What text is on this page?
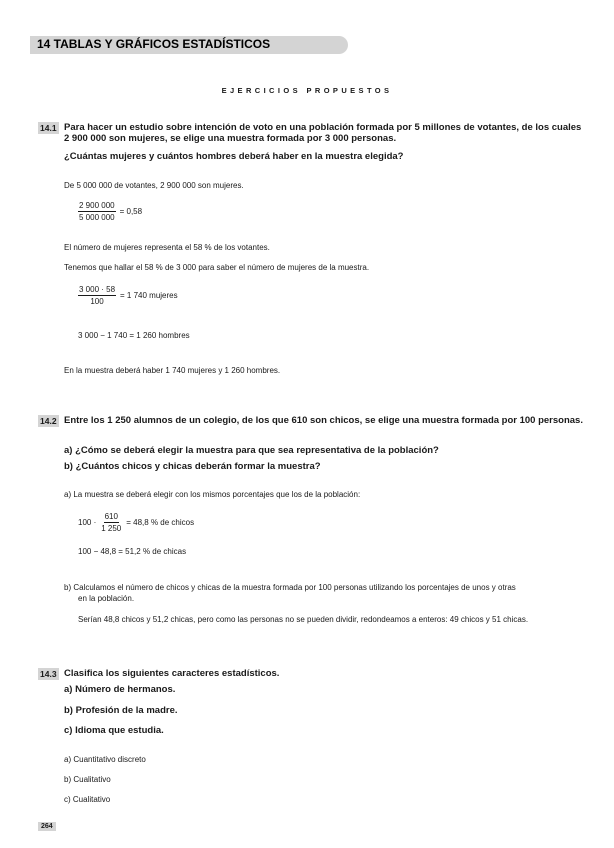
14 TABLAS Y GRÁFICOS ESTADÍSTICOS
EJERCICIOS PROPUESTOS
14.1 Para hacer un estudio sobre intención de voto en una población formada por 5 millones de votantes, de los cuales 2 900 000 son mujeres, se elige una muestra formada por 3 000 personas.
¿Cuántas mujeres y cuántos hombres deberá haber en la muestra elegida?
De 5 000 000 de votantes, 2 900 000 son mujeres.
$\frac{2 900 000}{5 000 000} = 0,58$
El número de mujeres representa el 58 % de los votantes.
Tenemos que hallar el 58 % de 3 000 para saber el número de mujeres de la muestra.
$\frac{3 000 \cdot 58}{100} = 1$ 740 mujeres
3 000 − 1 740 = 1 260 hombres
En la muestra deberá haber 1 740 mujeres y 1 260 hombres.
14.2 Entre los 1 250 alumnos de un colegio, de los que 610 son chicos, se elige una muestra formada por 100 personas.
a) ¿Cómo se deberá elegir la muestra para que sea representativa de la población?
b) ¿Cuántos chicos y chicas deberán formar la muestra?
a) La muestra se deberá elegir con los mismos porcentajes que los de la población:
$100 \cdot \frac{610}{1 250} = 48,8$ % de chicos
100 − 48,8 = 51,2 % de chicas
b) Calculamos el número de chicos y chicas de la muestra formada por 100 personas utilizando los porcentajes de unos y otras
en la población.
Serían 48,8 chicos y 51,2 chicas, pero como las personas no se pueden dividir, redondeamos a enteros: 49 chicos y 51 chicas.
14.3 Clasifica los siguientes caracteres estadísticos.
a) Número de hermanos.
b) Profesión de la madre.
c) Idioma que estudia.
a) Cuantitativo discreto
b) Cualitativo
c) Cualitativo
264
